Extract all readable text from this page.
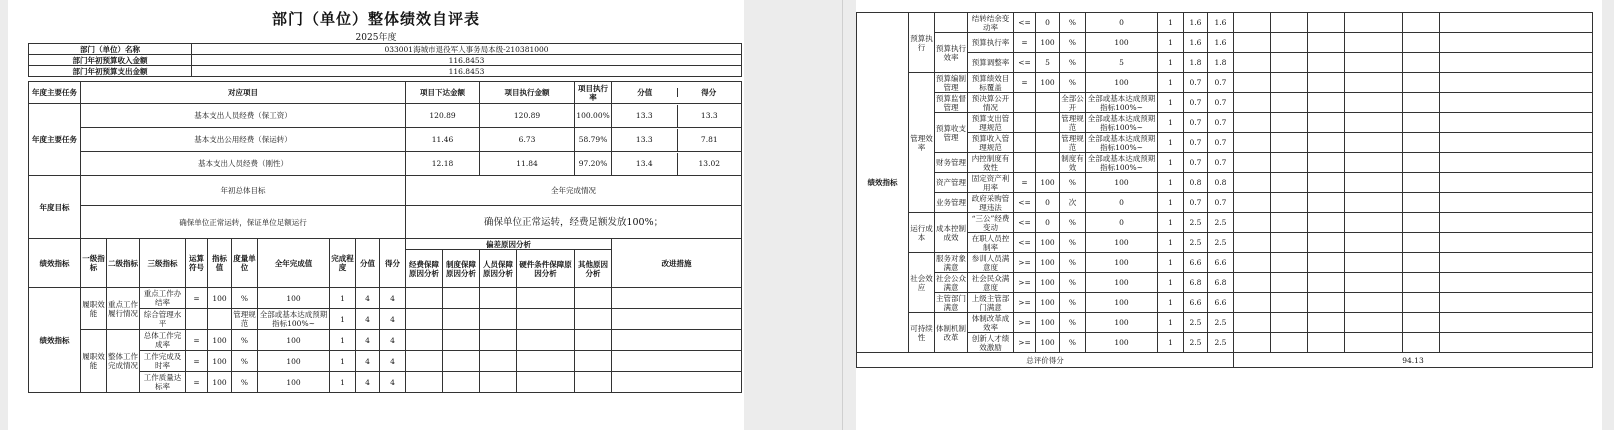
部门（单位）整体绩效自评表
2025年度
部门（单位）名称	033001海城市退役军人事务局本级-210381000
部门年初预算收入金额	116.8453
部门年初预算支出金额	116.8453
年度主要任务	对应项目										项目下达金额		项目执行金额		项目执行率	分值 得分
年度主要任务	基本支出人员经费（保工资）										120.89		120.89		100.00%	13.3 13.3
	基本支出公用经费（保运转）										11.46		6.73		58.79%	13.3 7.81
	基本支出人员经费（刚性）										12.18		11.84		97.20%	13.4 13.02
年度目标	年初总体目标										全年完成情况					
	确保单位正常运转，保证单位足额运行										确保单位正常运转，经费足额发放100%；					
绩效指标	一级指标	二级指标	三级指标	运算符号	指标值	度量单位	全年完成值	完成程度	分值	得分	偏差原因分析					改进措施
											经费保障原因分析	制度保障原因分析	人员保障原因分析	硬件条件保障原因分析	其他原因分析	
绩效指标	履职效能	重点工作履行情况	重点工作办结率	=	100	%	100	1	4	4						
			综合管理水平			管理规范	全部或基本达成预期指标100%~	1	4	4						
	履职效能	整体工作完成情况	总体工作完成率	=	100	%	100	1	4	4						
			工作完成及时率	=	100	%	100	1	4	4						
			工作质量达标率	=	100	%	100	1	4	4						
绩效指标	预算执行		结转结余变动率	<=	0	%	0	1	1.6	1.6						
		预算执行效率	预算执行率	=	100	%	100	1	1.6	1.6						
			预算调整率	<=	5	%	5	1	1.8	1.8						
	管理效率	预算编制管理	预算绩效目标覆盖	=	100	%	100	1	0.7	0.7						
		预算监督管理	预决算公开情况			全部公开	全部或基本达成预期指标100%~	1	0.7	0.7						
		预算收支管理	预算支出管理规范			管理规范	全部或基本达成预期指标100%~	1	0.7	0.7						
			预算收入管理规范			管理规范	全部或基本达成预期指标100%~	1	0.7	0.7						
		财务管理	内控制度有效性			制度有效	全部或基本达成预期指标100%~	1	0.7	0.7						
		资产管理	固定资产利用率	=	100	%	100	1	0.8	0.8						
		业务管理	政府采购管理违法	<=	0	次	0	1	0.7	0.7						
	运行成本	成本控制成效	“三公”经费变动	<=	0	%	0	1	2.5	2.5						
			在职人员控制率	<=	100	%	100	1	2.5	2.5						
	社会效应	服务对象满意	参训人员满意度	>=	100	%	100	1	6.6	6.6						
		社会公众满意	社会民众满意度	>=	100	%	100	1	6.8	6.8						
		主管部门满意	上级主管部门满意	>=	100	%	100	1	6.6	6.6						
	可持续性	体制机制改革	体制改革成效率	>=	100	%	100	1	2.5	2.5						
			创新人才绩效激励	>=	100	%	100	1	2.5	2.5						
总评价得分											94.13					
